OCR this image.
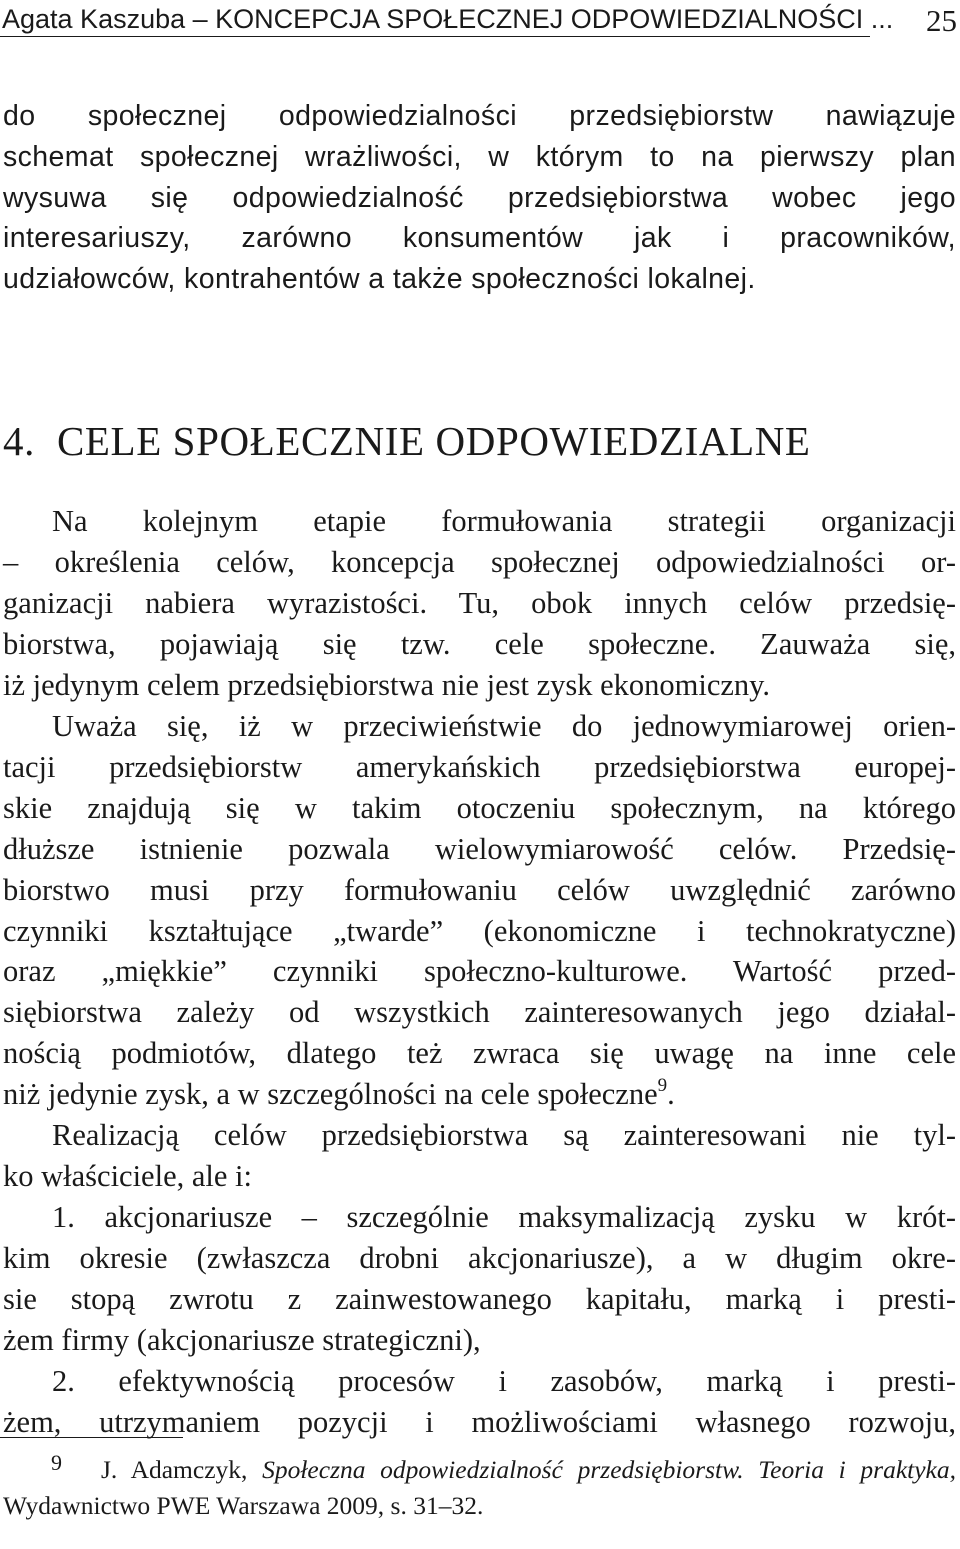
Agata Kaszuba – KONCEPCJA SPOŁECZNEJ ODPOWIEDZIALNOŚCI ... 25

do społecznej odpowiedzialności przedsiębiorstw nawiązuje
schemat społecznej wrażliwości, w którym to na pierwszy plan
wysuwa się odpowiedzialność przedsiębiorstwa wobec jego
interesariuszy, zarówno konsumentów jak i pracowników,
udziałowców, kontrahentów a także społeczności lokalnej.

4. CELE SPOŁECZNIE ODPOWIEDZIALNE
Na kolejnym etapie formułowania strategii organizacji
– określenia celów, koncepcja społecznej odpowiedzialności or-
ganizacji nabiera wyrazistości. Tu, obok innych celów przedsię-
biorstwa, pojawiają się tzw. cele społeczne. Zauważa się,
iż jedynym celem przedsiębiorstwa nie jest zysk ekonomiczny.
Uważa się, iż w przeciwieństwie do jednowymiarowej orien-
tacji przedsiębiorstw amerykańskich przedsiębiorstwa europej-
skie znajdują się w takim otoczeniu społecznym, na którego
dłuższe istnienie pozwala wielowymiarowość celów. Przedsię-
biorstwo musi przy formułowaniu celów uwzględnić zarówno
czynniki kształtujące „twarde” (ekonomiczne i technokratyczne)
oraz „miękkie” czynniki społeczno-kulturowe. Wartość przed-
siębiorstwa zależy od wszystkich zainteresowanych jego działal-
nością podmiotów, dlatego też zwraca się uwagę na inne cele
niż jedynie zysk, a w szczególności na cele społeczne$^9$.
Realizacją celów przedsiębiorstwa są zainteresowani nie tyl-
ko właściciele, ale i:
1. akcjonariusze – szczególnie maksymalizacją zysku w krót-
kim okresie (zwłaszcza drobni akcjonariusze), a w długim okre-
sie stopą zwrotu z zainwestowanego kapitału, marką i presti-
żem firmy (akcjonariusze strategiczni),
2. efektywnością procesów i zasobów, marką i presti-
żem, utrzymaniem pozycji i możliwościami własnego rozwoju,

9 J. Adamczyk, Społeczna odpowiedzialność przedsiębiorstw. Teoria i praktyka,
Wydawnictwo PWE Warszawa 2009, s. 31–32.
